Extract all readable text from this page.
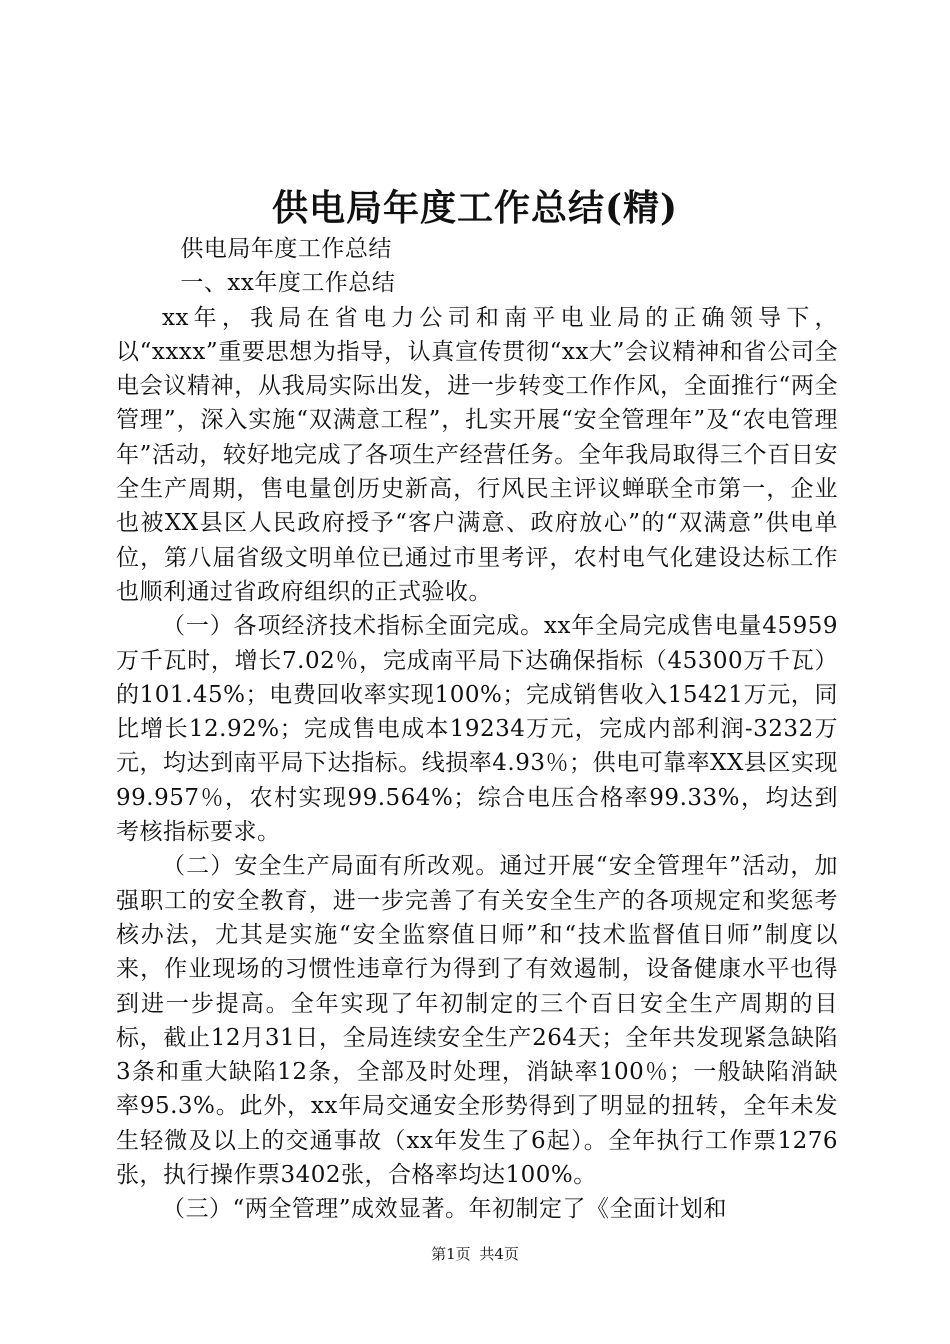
供电局年度工作总结(精)

供电局年度工作总结

一、xx年度工作总结

xx年，我局在省电力公司和南平电业局的正确领导下，以“xxxx”重要思想为指导，认真宣传贯彻“xx大”会议精神和省公司全电会议精神，从我局实际出发，进一步转变工作作风，全面推行“两全管理”，深入实施“双满意工程”，扎实开展“安全管理年”及“农电管理年”活动，较好地完成了各项生产经营任务。全年我局取得三个百日安全生产周期，售电量创历史新高，行风民主评议蝉联全市第一，企业也被XX县区人民政府授予“客户满意、政府放心”的“双满意”供电单位，第八届省级文明单位已通过市里考评，农村电气化建设达标工作也顺利通过省政府组织的正式验收。

（一）各项经济技术指标全面完成。xx年全局完成售电量45959万千瓦时，增长7.02％，完成南平局下达确保指标（45300万千瓦）的101.45%；电费回收率实现100%；完成销售收入15421万元，同比增长12.92%；完成售电成本19234万元，完成内部利润-3232万元，均达到南平局下达指标。线损率4.93％；供电可靠率XX县区实现99.957％，农村实现99.564%；综合电压合格率99.33%，均达到考核指标要求。

（二）安全生产局面有所改观。通过开展“安全管理年”活动，加强职工的安全教育，进一步完善了有关安全生产的各项规定和奖惩考核办法，尤其是实施“安全监察值日师”和“技术监督值日师”制度以来，作业现场的习惯性违章行为得到了有效遏制，设备健康水平也得到进一步提高。全年实现了年初制定的三个百日安全生产周期的目标，截止12月31日，全局连续安全生产264天；全年共发现紧急缺陷3条和重大缺陷12条，全部及时处理，消缺率100％；一般缺陷消缺率95.3%。此外，xx年局交通安全形势得到了明显的扭转，全年未发生轻微及以上的交通事故（xx年发生了6起）。全年执行工作票1276张，执行操作票3402张，合格率均达100%。

（三）“两全管理”成效显著。年初制定了《全面计划和

第1页 共4页
